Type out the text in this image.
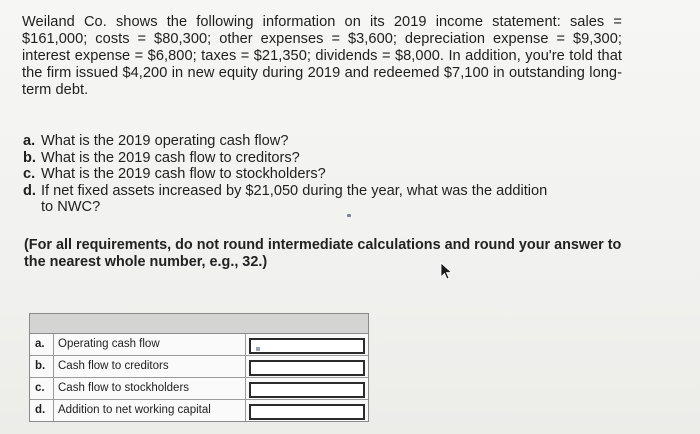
Weiland Co. shows the following information on its 2019 income statement: sales = $161,000; costs = $80,300; other expenses = $3,600; depreciation expense = $9,300; interest expense = $6,800; taxes = $21,350; dividends = $8,000. In addition, you're told that the firm issued $4,200 in new equity during 2019 and redeemed $7,100 in outstanding long-term debt.
a. What is the 2019 operating cash flow?
b. What is the 2019 cash flow to creditors?
c. What is the 2019 cash flow to stockholders?
d. If net fixed assets increased by $21,050 during the year, what was the addition
to NWC?
(For all requirements, do not round intermediate calculations and round your answer to the nearest whole number, e.g., 32.)
a.	Operating cash flow
b.	Cash flow to creditors
c.	Cash flow to stockholders
d.	Addition to net working capital
